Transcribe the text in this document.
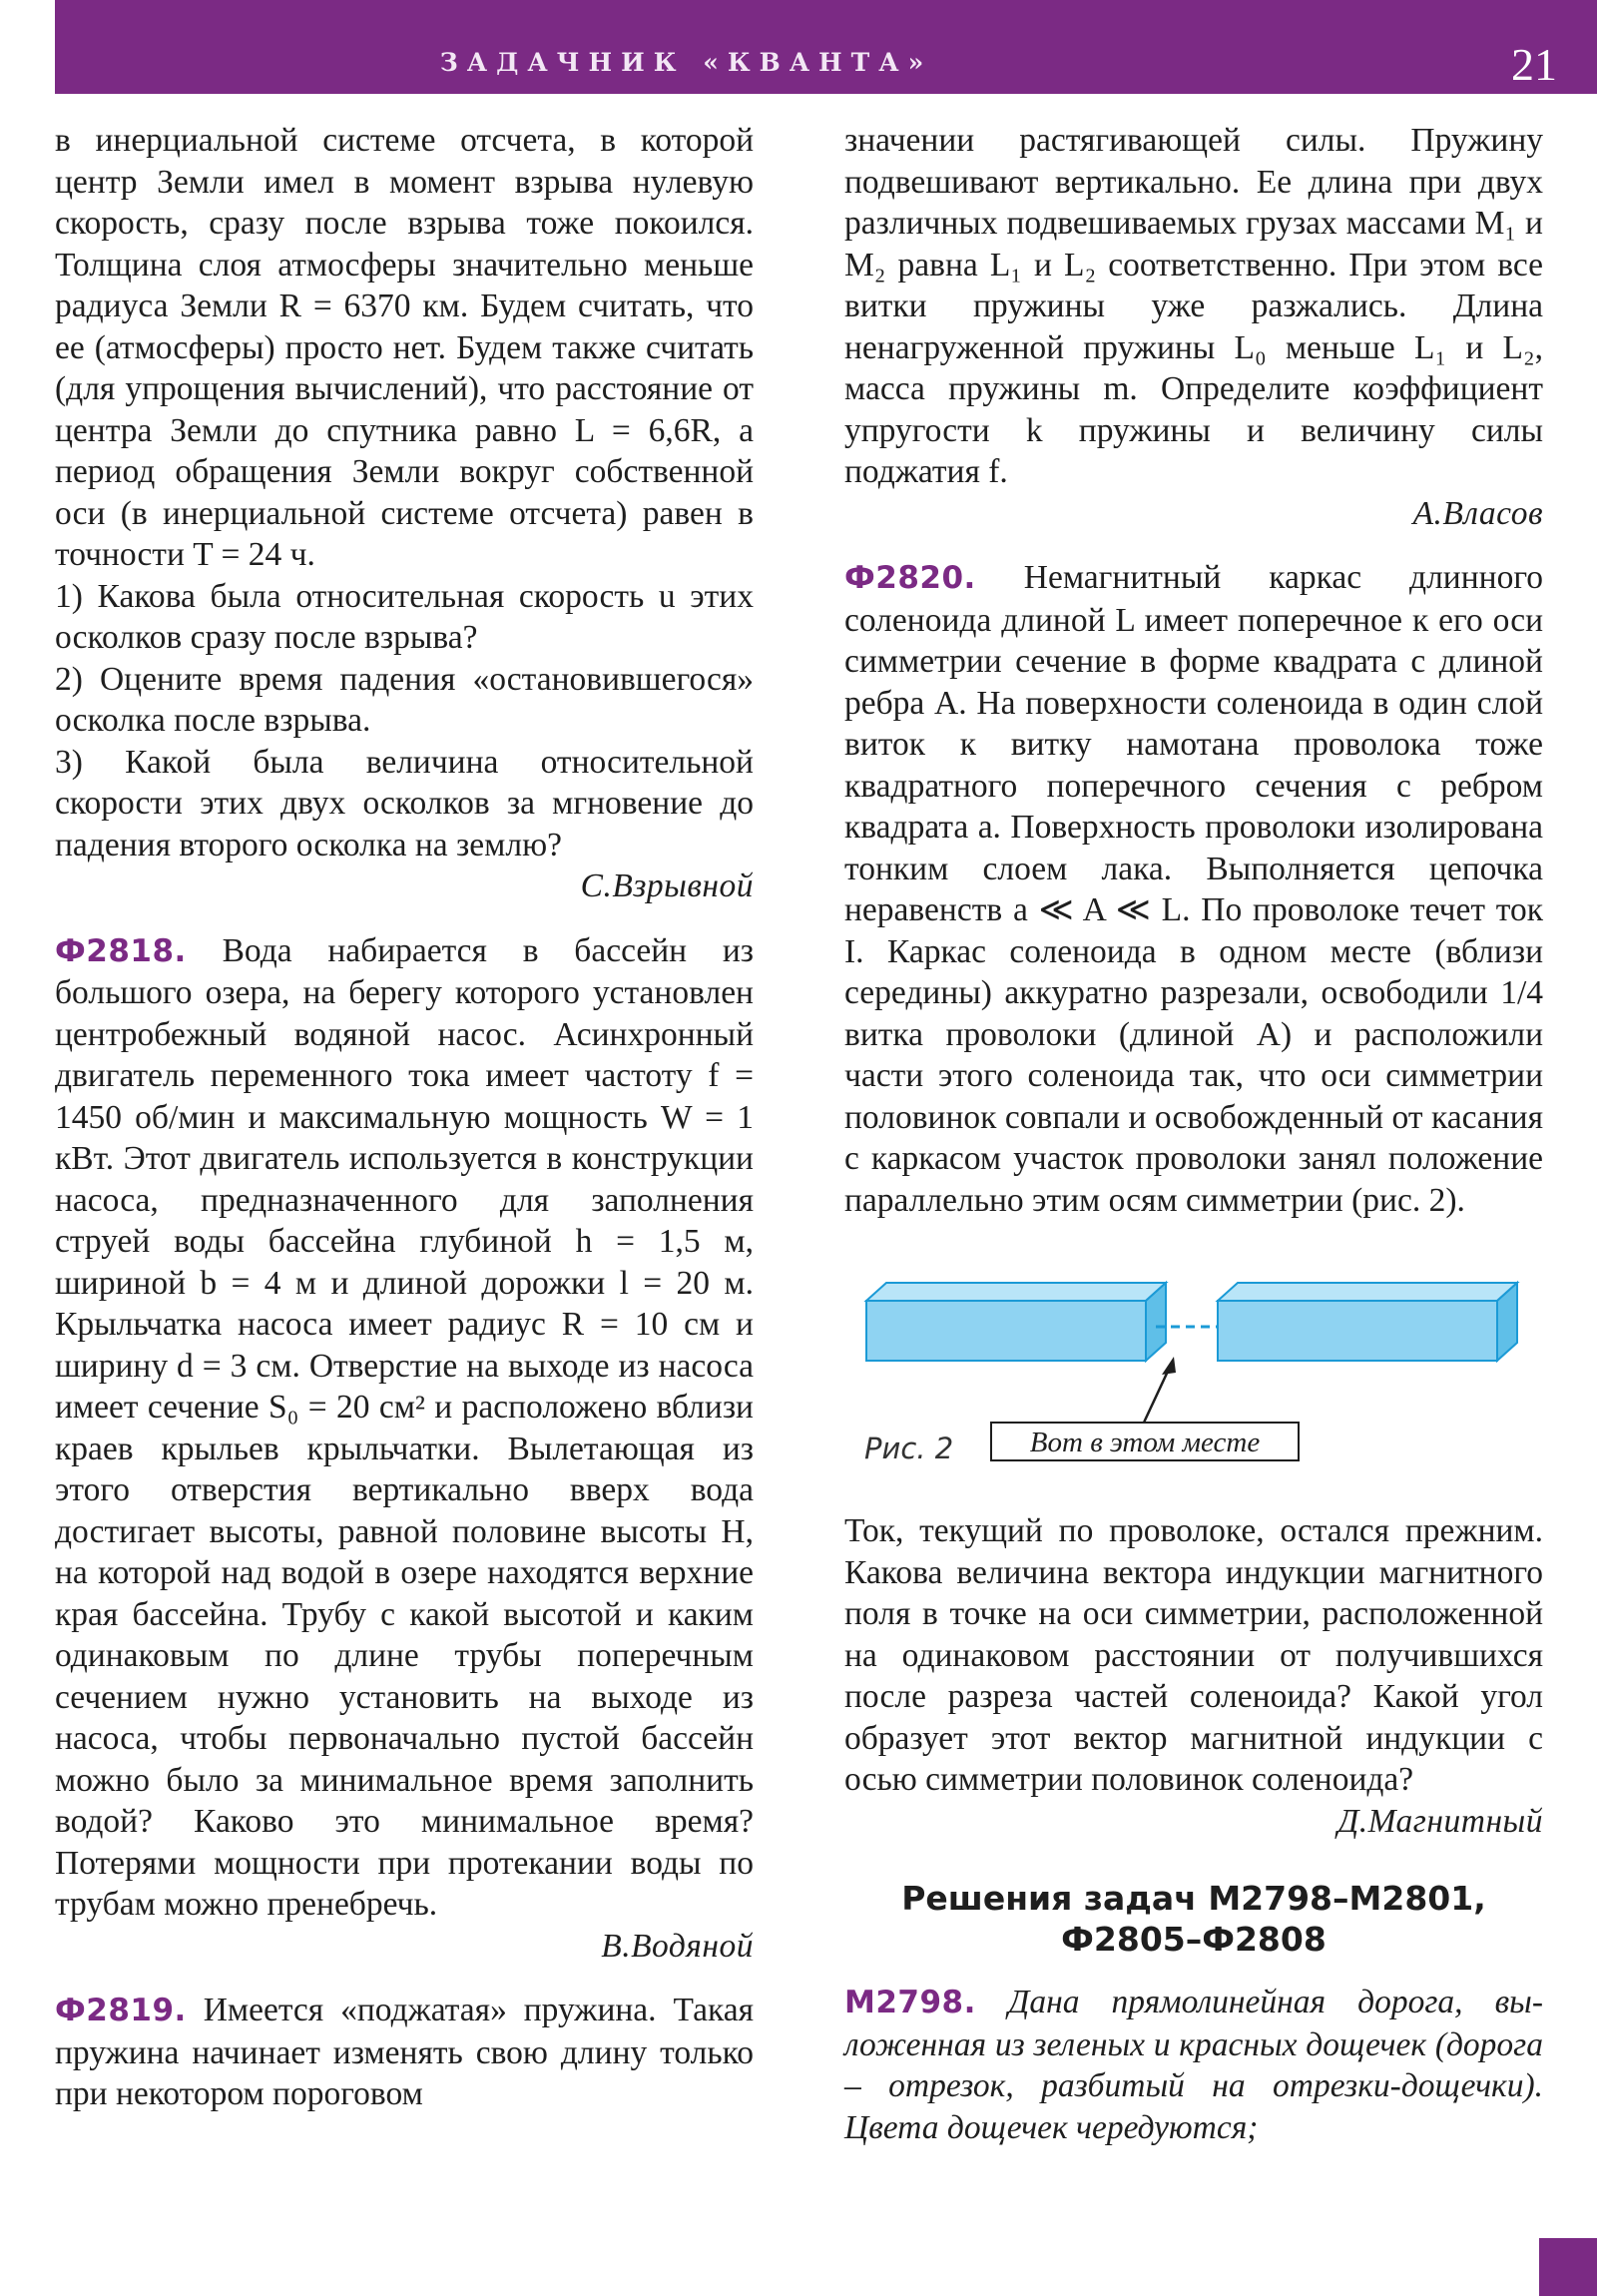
ЗАДАЧНИК «КВАНТА»	21

в инерциальной системе отсчета, в которой центр Земли имел в момент взрыва нулевую скорость, сразу после взрыва тоже покоился. Толщина слоя атмосферы значительно меньше радиуса Земли R = 6370 км. Будем считать, что ее (атмосферы) просто нет. Будем также считать (для упрощения вычислений), что расстояние от центра Земли до спутника равно L = 6,6R, а период обращения Земли вокруг собственной оси (в инерциальной системе отсчета) равен в точности T = 24 ч.

1) Какова была относительная скорость u этих осколков сразу после взрыва?

2) Оцените время падения «остановившегося» осколка после взрыва.

3) Какой была величина относительной скорости этих двух осколков за мгновение до падения второго осколка на землю?

С.Взрывной

Ф2818. Вода набирается в бассейн из большого озера, на берегу которого установлен центробежный водяной насос. Асинхронный двигатель переменного тока имеет частоту f = 1450 об/мин и максимальную мощность W = 1 кВт. Этот двигатель используется в конструкции насоса, предназначенного для заполнения струей воды бассейна глубиной h = 1,5 м, шириной b = 4 м и длиной дорожки l = 20 м. Крыльчатка насоса имеет радиус R = 10 см и ширину d = 3 см. Отверстие на выходе из насоса имеет сечение S₀ = 20 см² и расположено вблизи краев крыльев крыльчатки. Вылетающая из этого отверстия вертикально вверх вода достигает высоты, равной половине высоты H, на которой над водой в озере находятся верхние края бассейна. Трубу с какой высотой и каким одинаковым по длине трубы поперечным сечением нужно установить на выходе из насоса, чтобы первоначально пустой бассейн можно было за минимальное время заполнить водой? Каково это минимальное время? Потерями мощности при протекании воды по трубам можно пренебречь.

В.Водяной

Ф2819. Имеется «поджатая» пружина. Такая пружина начинает изменять свою длину только при некотором пороговом

значении растягивающей силы. Пружину подвешивают вертикально. Ее длина при двух различных подвешиваемых грузах массами M₁ и M₂ равна L₁ и L₂ соответственно. При этом все витки пружины уже разжались. Длина ненагруженной пружины L₀ меньше L₁ и L₂, масса пружины m. Определите коэффициент упругости k пружины и величину силы поджатия f.

А.Власов

Ф2820. Немагнитный каркас длинного соленоида длиной L имеет поперечное к его оси симметрии сечение в форме квадрата с длиной ребра A. На поверхности соленоида в один слой виток к витку намотана проволока тоже квадратного поперечного сечения с ребром квадрата a. Поверхность проволоки изолирована тонким слоем лака. Выполняется цепочка неравенств a ≪ A ≪ L. По проволоке течет ток I. Каркас соленоида в одном месте (вблизи середины) аккуратно разрезали, освободили 1/4 витка проволоки (длиной A) и расположили части этого соленоида так, что оси симметрии половинок совпали и освобожденный от касания с каркасом участок проволоки занял положение параллельно этим осям симметрии (рис. 2).

Вот в этом месте
Рис. 2

Ток, текущий по проволоке, остался прежним. Какова величина вектора индукции магнитного поля в точке на оси симметрии, расположенной на одинаковом расстоянии от получившихся после разреза частей соленоида? Какой угол образует этот вектор магнитной индукции с осью симметрии половинок соленоида?

Д.Магнитный

Решения задач М2798–М2801,
Ф2805–Ф2808

М2798. Дана прямолинейная дорога, выложенная из зеленых и красных дощечек (дорога – отрезок, разбитый на отрезки-дощечки). Цвета дощечек чередуются;
